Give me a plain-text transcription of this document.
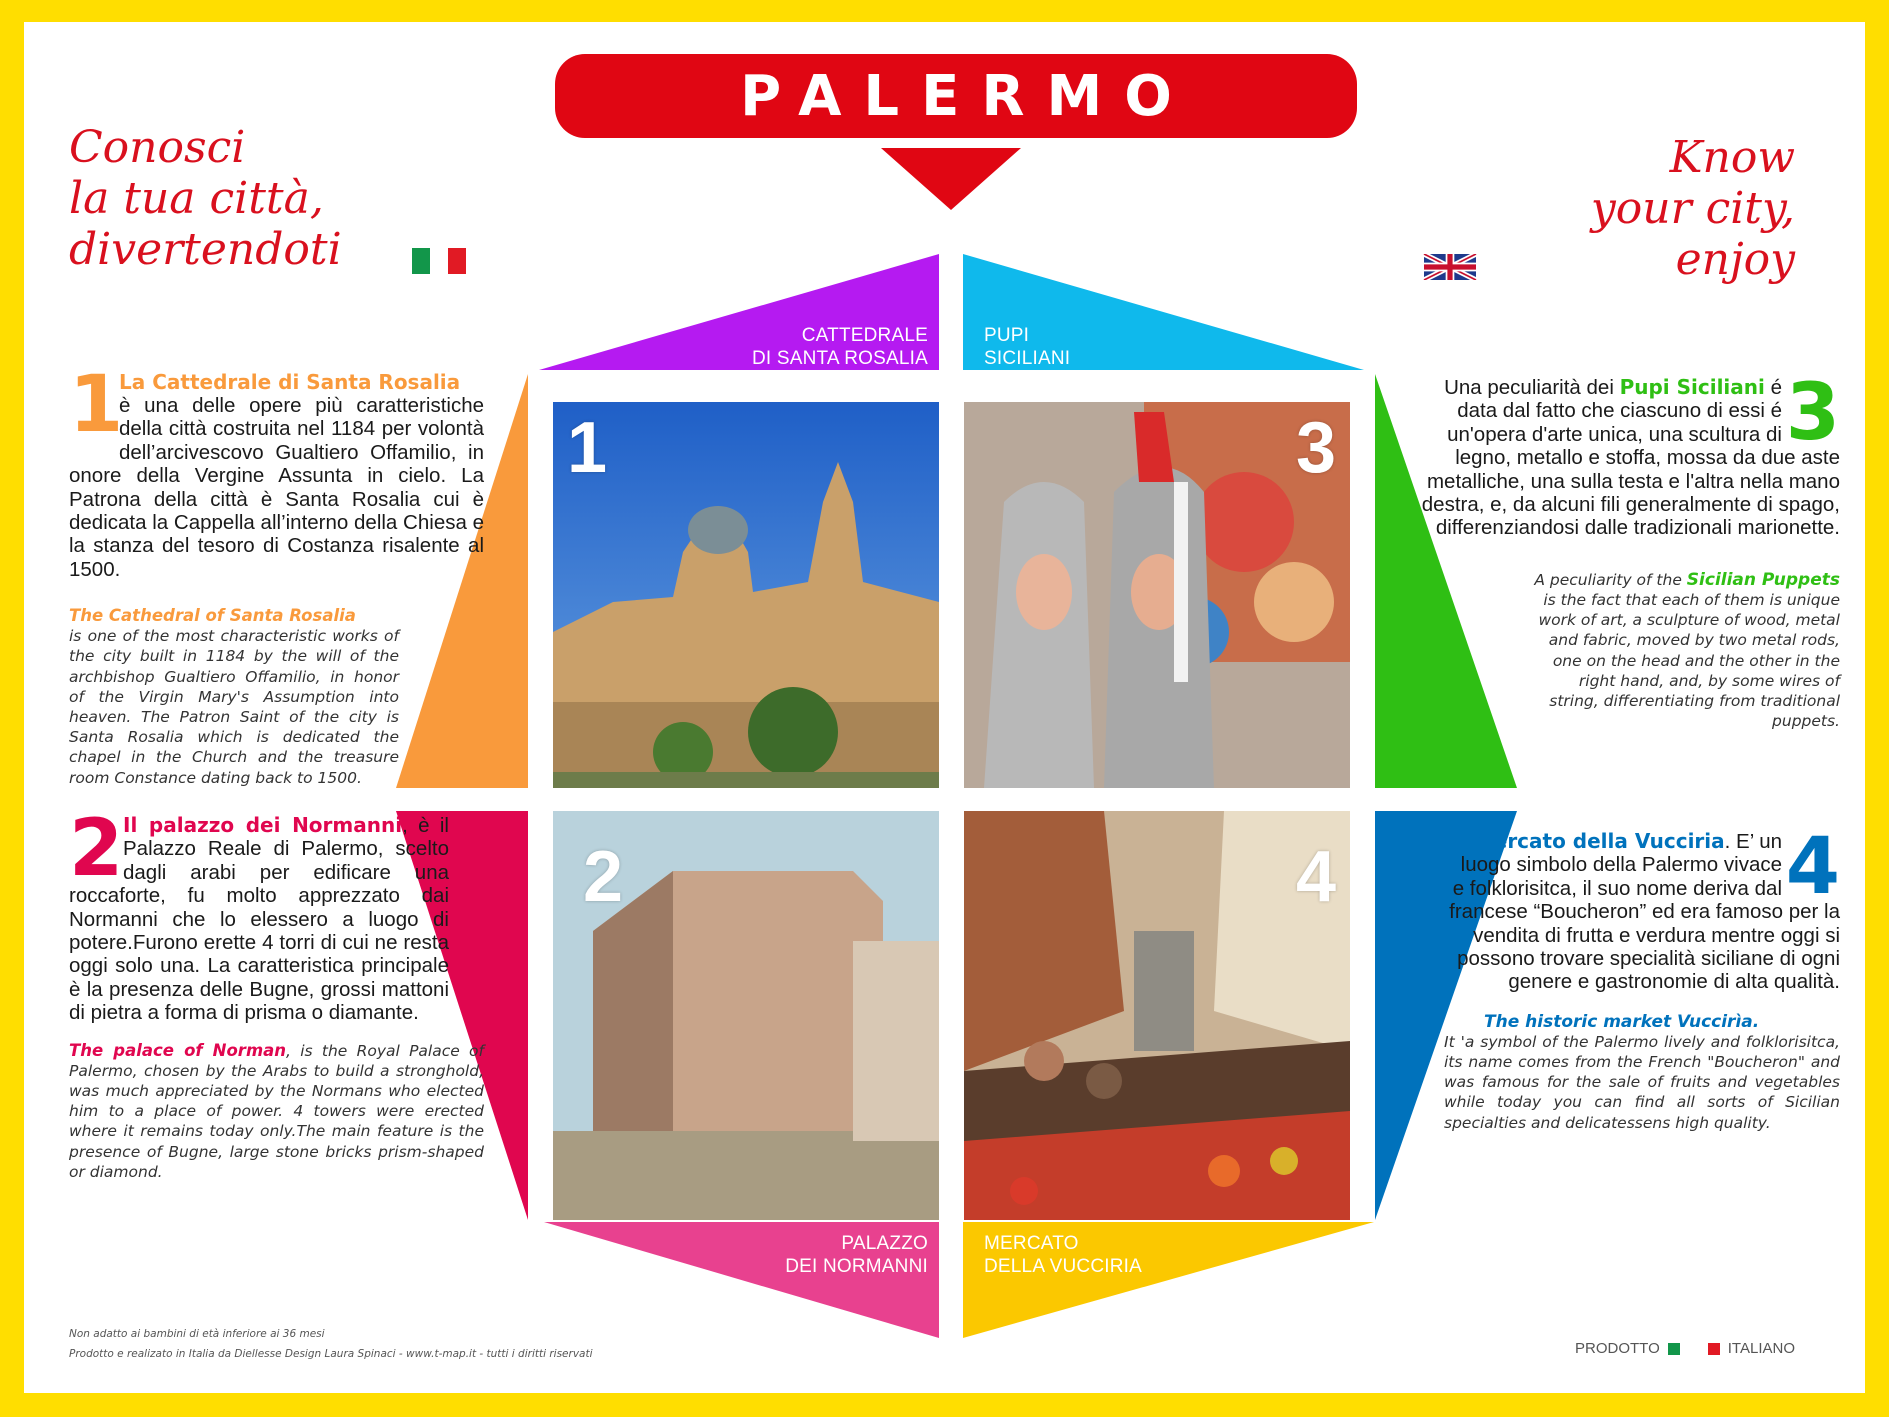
PALERMO
Conosci
la tua città,
divertendoti
Know
your city,
enjoy
CATTEDRALE
DI SANTA ROSALIA
PUPI
SICILIANI
PALAZZO
DEI NORMANNI
MERCATO
DELLA VUCCIRIA
1	3
2	4
1
La Cattedrale di Santa Rosalia
è una delle opere più caratteristiche della città costruita nel 1184 per volontà dell’arcivescovo Gualtiero Offamilio, in onore della Vergine Assunta in cielo. La Patrona della città è Santa Rosalia cui è dedicata la Cappella all’interno della Chiesa e la stanza del tesoro di Costanza risalente al 1500.
The Cathedral of Santa Rosalia
is one of the most characteristic works of the city built in 1184 by the will of the archbishop Gualtiero Offamilio, in honor of the Virgin Mary's Assumption into heaven. The Patron Saint of the city is Santa Rosalia which is dedicated the chapel in the Church and the treasure room Constance dating back to 1500.
2 Il palazzo dei Normanni, è il Palazzo Reale di Palermo, scelto dagli arabi per edificare una roccaforte, fu molto apprezzato dai Normanni che lo elessero a luogo di potere.Furono erette 4 torri di cui ne resta oggi solo una. La caratteristica principale è la presenza delle Bugne, grossi mattoni di pietra a forma di prisma o diamante.
The palace of Norman, is the Royal Palace of Palermo, chosen by the Arabs to build a stronghold, was much appreciated by the Normans who elected him to a place of power. 4 towers were erected where it remains today only.The main feature is the presence of Bugne, large stone bricks prism-shaped or diamond.
3
Una peculiarità dei Pupi Siciliani é data dal fatto che ciascuno di essi é un'opera d'arte unica, una scultura di legno, metallo e stoffa, mossa da due aste metalliche, una sulla testa e l'altra nella mano destra, e, da alcuni fili generalmente di spago, differenziandosi dalle tradizionali marionette.
A peculiarity of the Sicilian Puppets is the fact that each of them is unique work of art, a sculpture of wood, metal and fabric, moved by two metal rods, one on the head and the other in the right hand, and, by some wires of string, differentiating from traditional puppets.
4
Il mercato della Vucciria. E’ un luogo simbolo della Palermo vivace e folklorisitca, il suo nome deriva dal francese “Boucheron” ed era famoso per la vendita di frutta e verdura mentre oggi si possono trovare specialità siciliane di ogni genere e gastronomie di alta qualità.
The historic market Vuccirìa.
It 'a symbol of the Palermo lively and folklorisitca, its name comes from the French "Boucheron" and was famous for the sale of fruits and vegetables while today you can find all sorts of Sicilian specialties and delicatessens high quality.
Non adatto ai bambini di età inferiore ai 36 mesi
Prodotto e realizato in Italia da Diellesse Design Laura Spinaci - www.t-map.it - tutti i diritti riservati	PRODOTTO	ITALIANO
